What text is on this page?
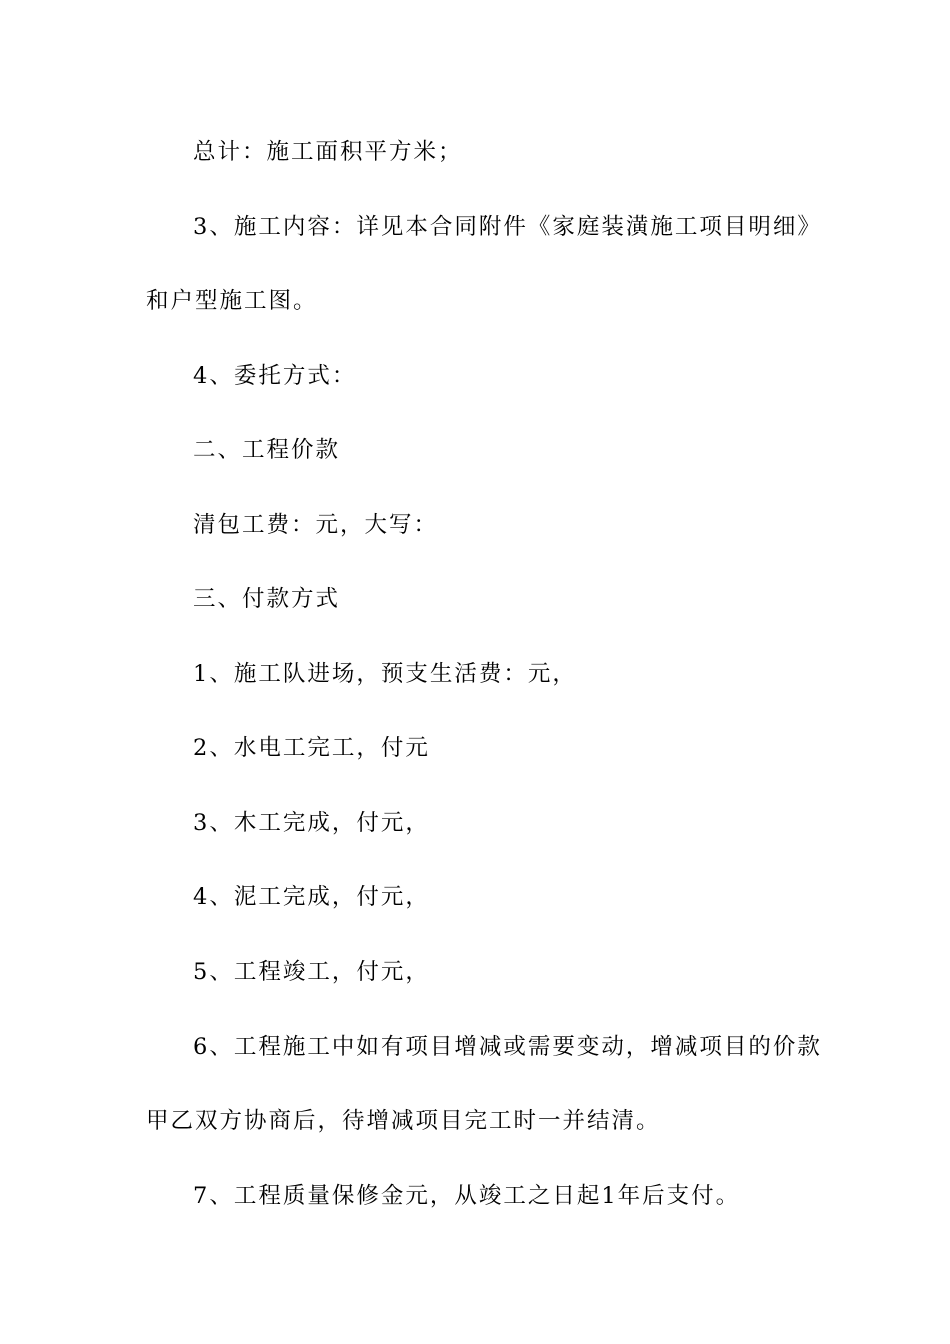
总计：施工面积平方米；
3、施工内容：详见本合同附件《家庭装潢施工项目明细》
和户型施工图。
4、委托方式：
二、工程价款
清包工费：元，大写：
三、付款方式
1、施工队进场，预支生活费：元，
2、水电工完工，付元
3、木工完成，付元，
4、泥工完成，付元，
5、工程竣工，付元，
6、工程施工中如有项目增减或需要变动，增减项目的价款
甲乙双方协商后，待增减项目完工时一并结清。
7、工程质量保修金元，从竣工之日起1年后支付。
